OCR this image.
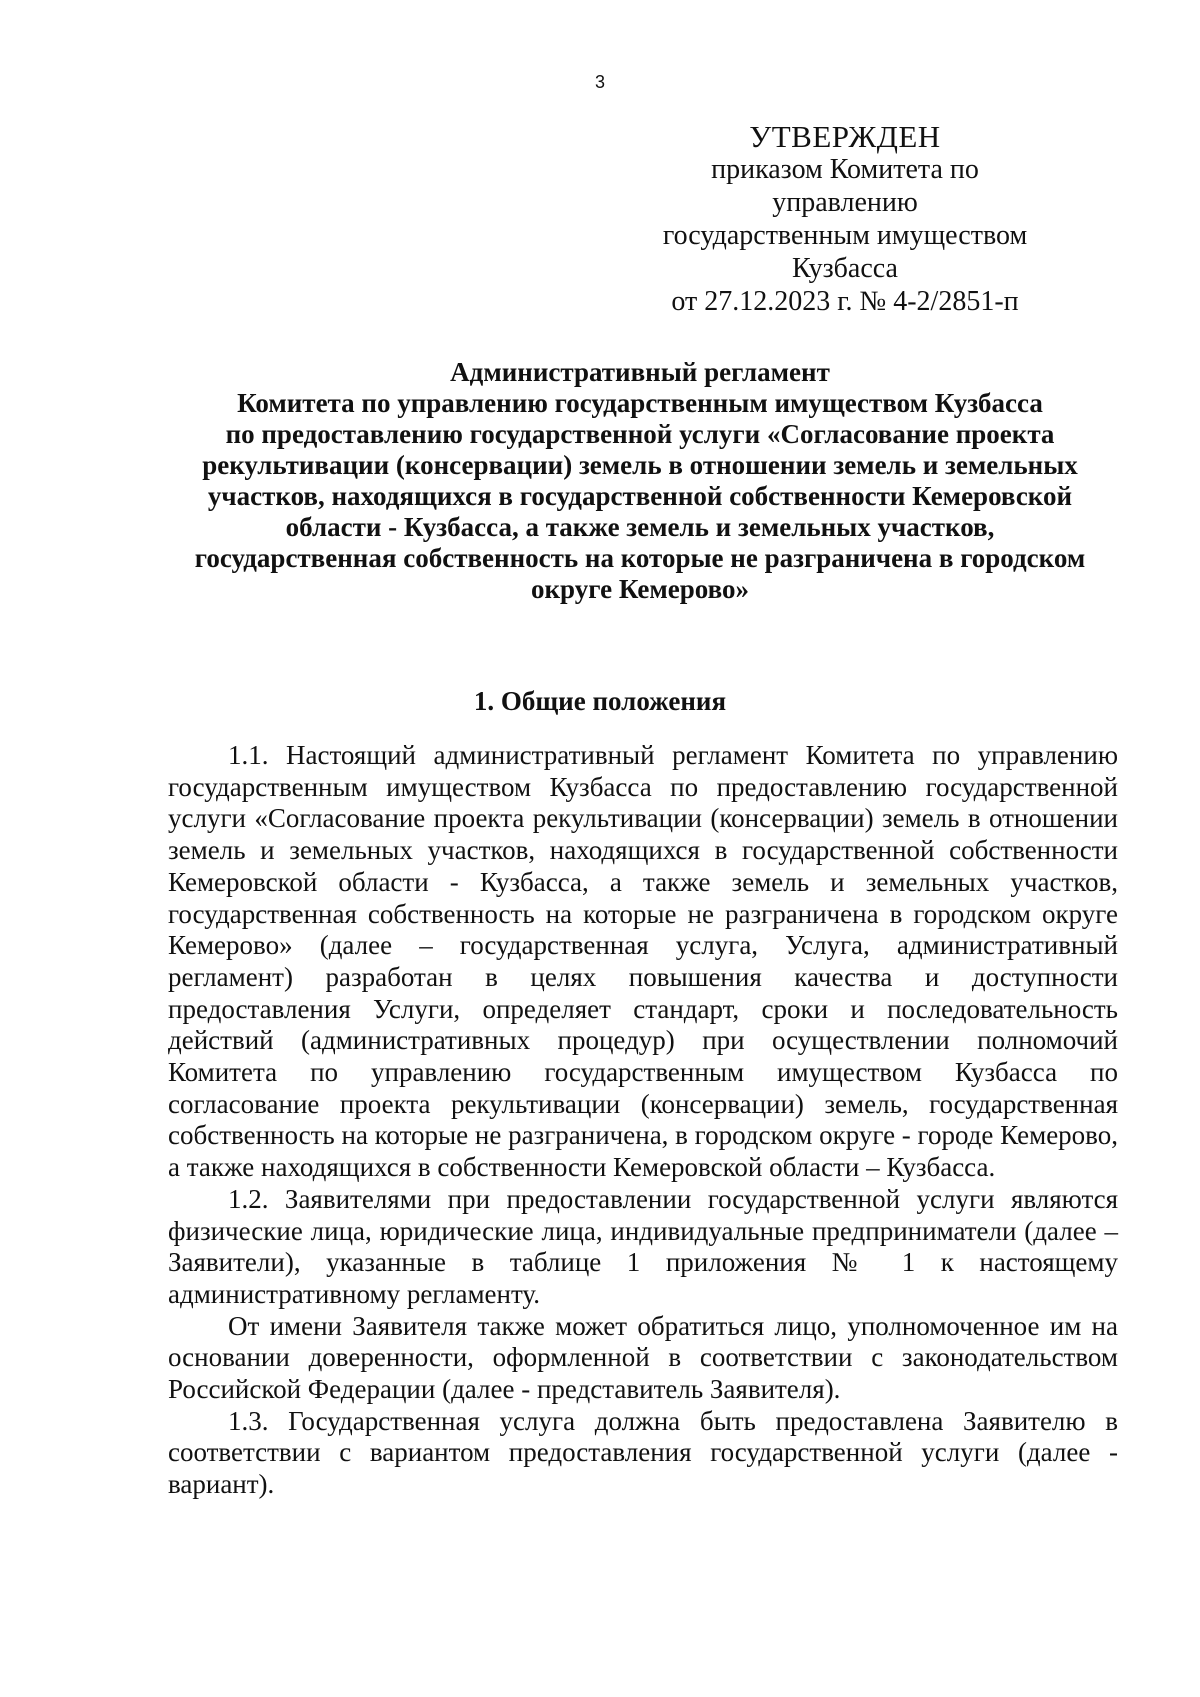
3
УТВЕРЖДЕН
приказом Комитета по управлению
государственным имуществом
Кузбасса
от 27.12.2023 г. № 4-2/2851-п
Административный регламент
Комитета по управлению государственным имуществом Кузбасса
по предоставлению государственной услуги «Согласование проекта
рекультивации (консервации) земель в отношении земель и земельных
участков, находящихся в государственной собственности Кемеровской
области - Кузбасса, а также земель и земельных участков,
государственная собственность на которые не разграничена в городском
округе Кемерово»
1. Общие положения

1.1. Настоящий административный регламент Комитета по управлению государственным имуществом Кузбасса по предоставлению государственной услуги «Согласование проекта рекультивации (консервации) земель в отношении земель и земельных участков, находящихся в государственной собственности Кемеровской области - Кузбасса, а также земель и земельных участков, государственная собственность на которые не разграничена в городском округе Кемерово» (далее – государственная услуга, Услуга, административный регламент) разработан в целях повышения качества и доступности предоставления Услуги, определяет стандарт, сроки и последовательность действий (административных процедур) при осуществлении полномочий Комитета по управлению государственным имуществом Кузбасса по согласование проекта рекультивации (консервации) земель, государственная собственность на которые не разграничена, в городском округе - городе Кемерово, а также находящихся в собственности Кемеровской области – Кузбасса.

1.2. Заявителями при предоставлении государственной услуги являются физические лица, юридические лица, индивидуальные предприниматели (далее – Заявители), указанные в таблице 1 приложения № 1 к настоящему административному регламенту.

От имени Заявителя также может обратиться лицо, уполномоченное им на основании доверенности, оформленной в соответствии с законодательством Российской Федерации (далее - представитель Заявителя).

1.3. Государственная услуга должна быть предоставлена Заявителю в соответствии с вариантом предоставления государственной услуги (далее - вариант).
